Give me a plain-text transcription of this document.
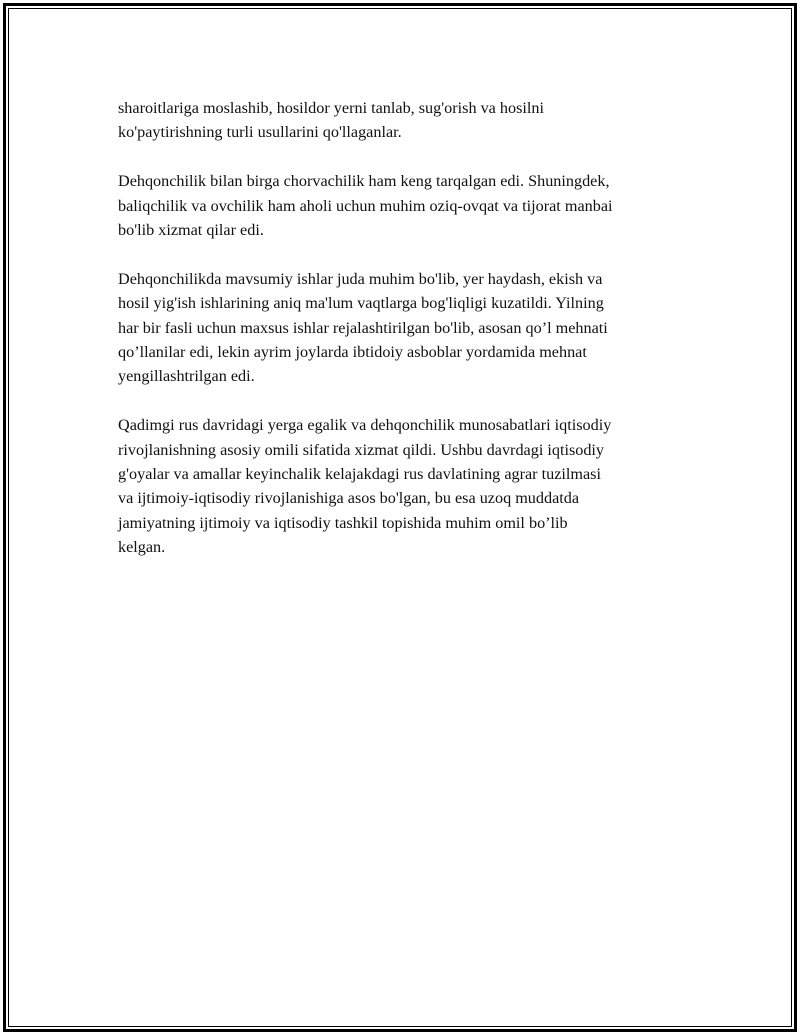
sharoitlariga moslashib, hosildor yerni tanlab, sug'orish va hosilni
ko'paytirishning turli usullarini qo'llaganlar.

Dehqonchilik bilan birga chorvachilik ham keng tarqalgan edi. Shuningdek,
baliqchilik va ovchilik ham aholi uchun muhim oziq-ovqat va tijorat manbai
bo'lib xizmat qilar edi.

Dehqonchilikda mavsumiy ishlar juda muhim bo'lib, yer haydash, ekish va
hosil yig'ish ishlarining aniq ma'lum vaqtlarga bog'liqligi kuzatildi. Yilning
har bir fasli uchun maxsus ishlar rejalashtirilgan bo'lib, asosan qo’l mehnati
qo’llanilar edi, lekin ayrim joylarda ibtidoiy asboblar yordamida mehnat
yengillashtrilgan edi.

Qadimgi rus davridagi yerga egalik va dehqonchilik munosabatlari iqtisodiy
rivojlanishning asosiy omili sifatida xizmat qildi. Ushbu davrdagi iqtisodiy
g'oyalar va amallar keyinchalik kelajakdagi rus davlatining agrar tuzilmasi
va ijtimoiy-iqtisodiy rivojlanishiga asos bo'lgan, bu esa uzoq muddatda
jamiyatning ijtimoiy va iqtisodiy tashkil topishida muhim omil bo’lib
kelgan.
